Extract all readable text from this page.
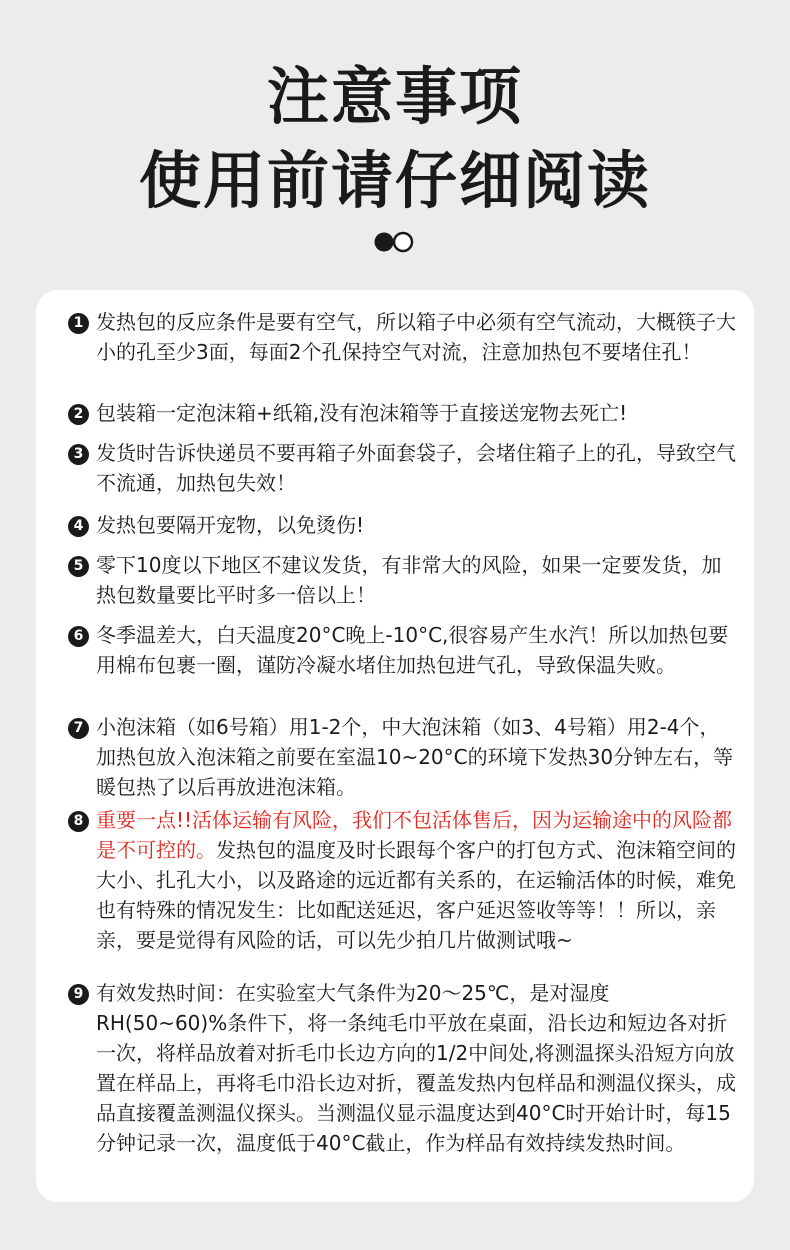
注意事项
使用前请仔细阅读
1 发热包的反应条件是要有空气，所以箱子中必须有空气流动，大概筷子大小的孔至少3面，每面2个孔保持空气对流，注意加热包不要堵住孔！
2 包装箱一定泡沫箱+纸箱,没有泡沫箱等于直接送宠物去死亡!
3 发货时告诉快递员不要再箱子外面套袋子，会堵住箱子上的孔，导致空气不流通，加热包失效！
4 发热包要隔开宠物，以免烫伤!
5 零下10度以下地区不建议发货，有非常大的风险，如果一定要发货，加热包数量要比平时多一倍以上！
6 冬季温差大，白天温度20°C晚上-10°C,很容易产生水汽！所以加热包要用棉布包裹一圈，谨防冷凝水堵住加热包进气孔，导致保温失败。
7 小泡沫箱（如6号箱）用1-2个，中大泡沫箱（如3、4号箱）用2-4个，加热包放入泡沫箱之前要在室温10~20°C的环境下发热30分钟左右，等暖包热了以后再放进泡沫箱。
8 重要一点!!活体运输有风险，我们不包活体售后，因为运输途中的风险都是不可控的。发热包的温度及时长跟每个客户的打包方式、泡沫箱空间的大小、扎孔大小，以及路途的远近都有关系的，在运输活体的时候，难免也有特殊的情况发生：比如配送延迟，客户延迟签收等等！！所以，亲亲，要是觉得有风险的话，可以先少拍几片做测试哦~
9 有效发热时间：在实验室大气条件为20～25℃，是对湿度RH(50~60)%条件下，将一条纯毛巾平放在桌面，沿长边和短边各对折一次，将样品放着对折毛巾长边方向的1/2中间处,将测温探头沿短方向放置在样品上，再将毛巾沿长边对折，覆盖发热内包样品和测温仪探头，成品直接覆盖测温仪探头。当测温仪显示温度达到40°C时开始计时，每15分钟记录一次，温度低于40°C截止，作为样品有效持续发热时间。
